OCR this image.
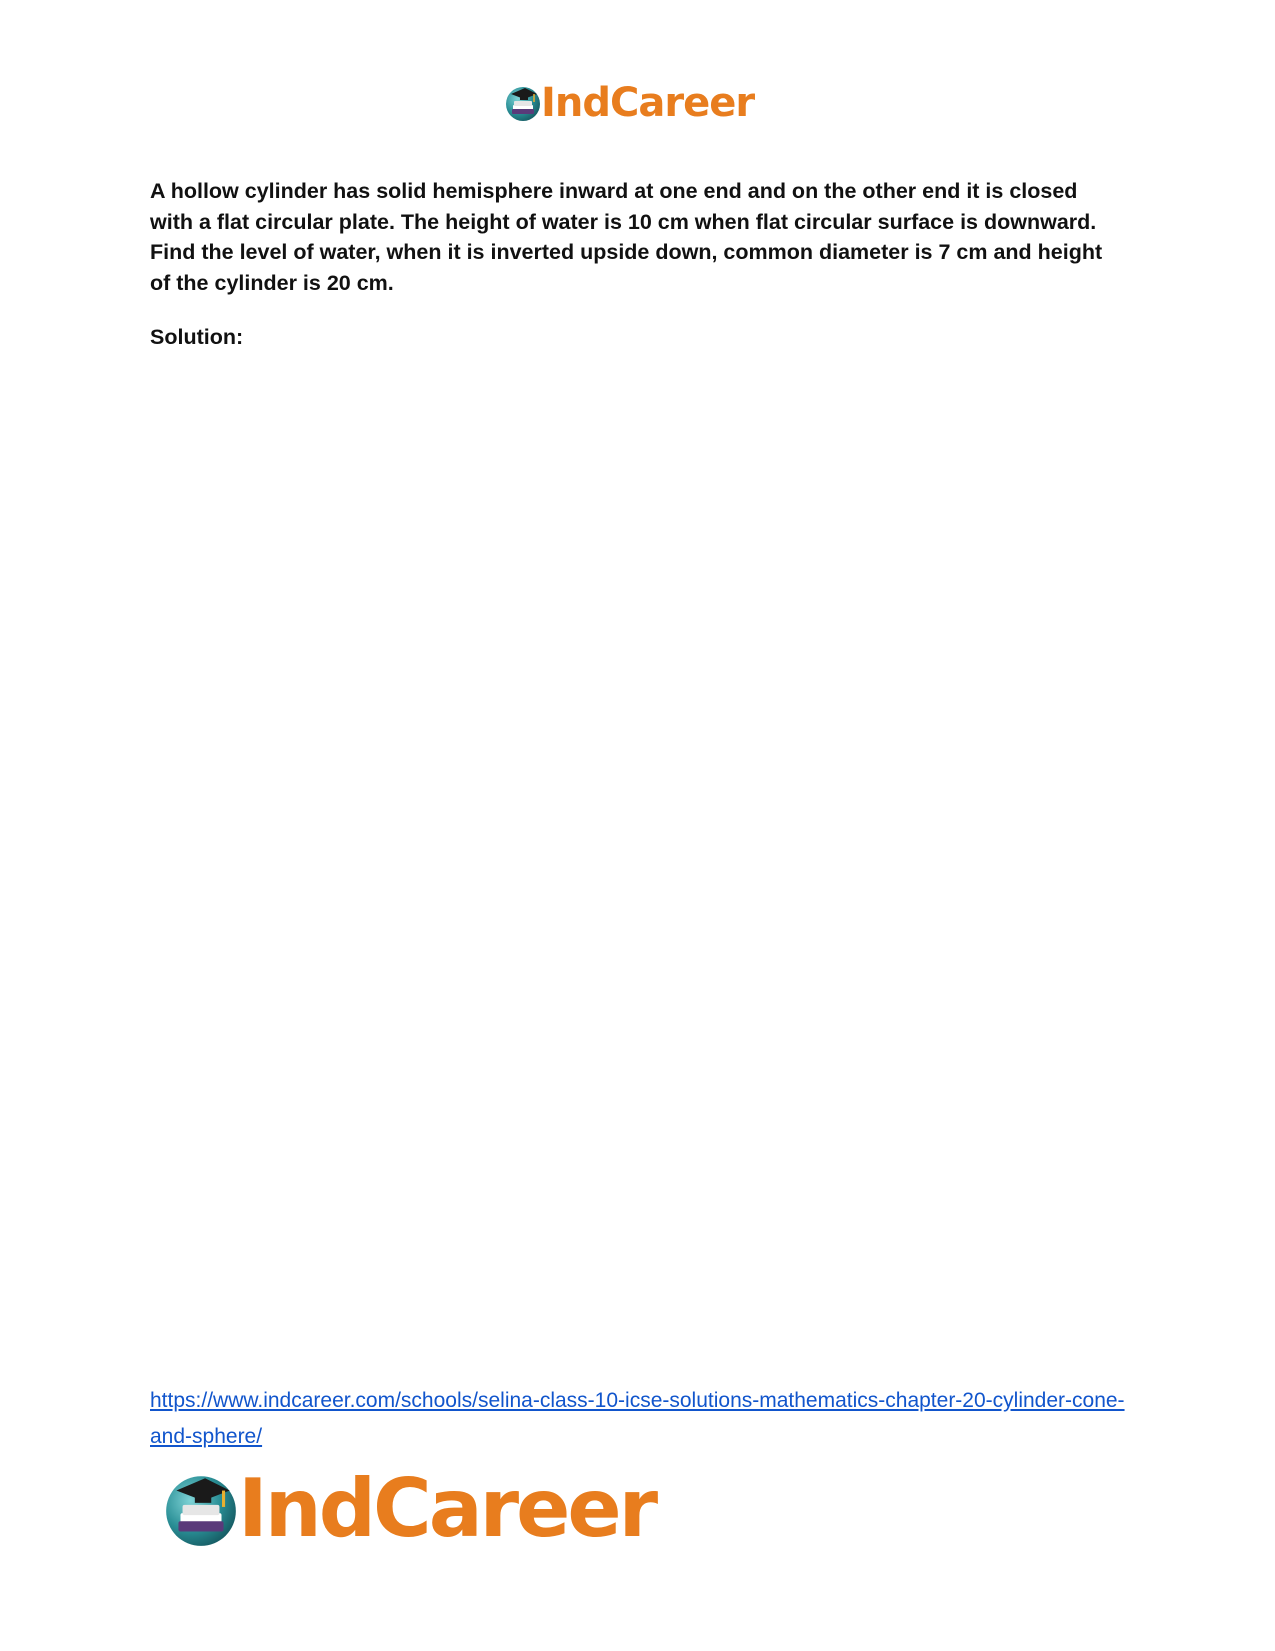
IndCareer
A hollow cylinder has solid hemisphere inward at one end and on the other end it is closed with a flat circular plate. The height of water is 10 cm when flat circular surface is downward. Find the level of water, when it is inverted upside down, common diameter is 7 cm and height of the cylinder is 20 cm.
Solution:
https://www.indcareer.com/schools/selina-class-10-icse-solutions-mathematics-chapter-20-cylinder-cone-and-sphere/
IndCareer
